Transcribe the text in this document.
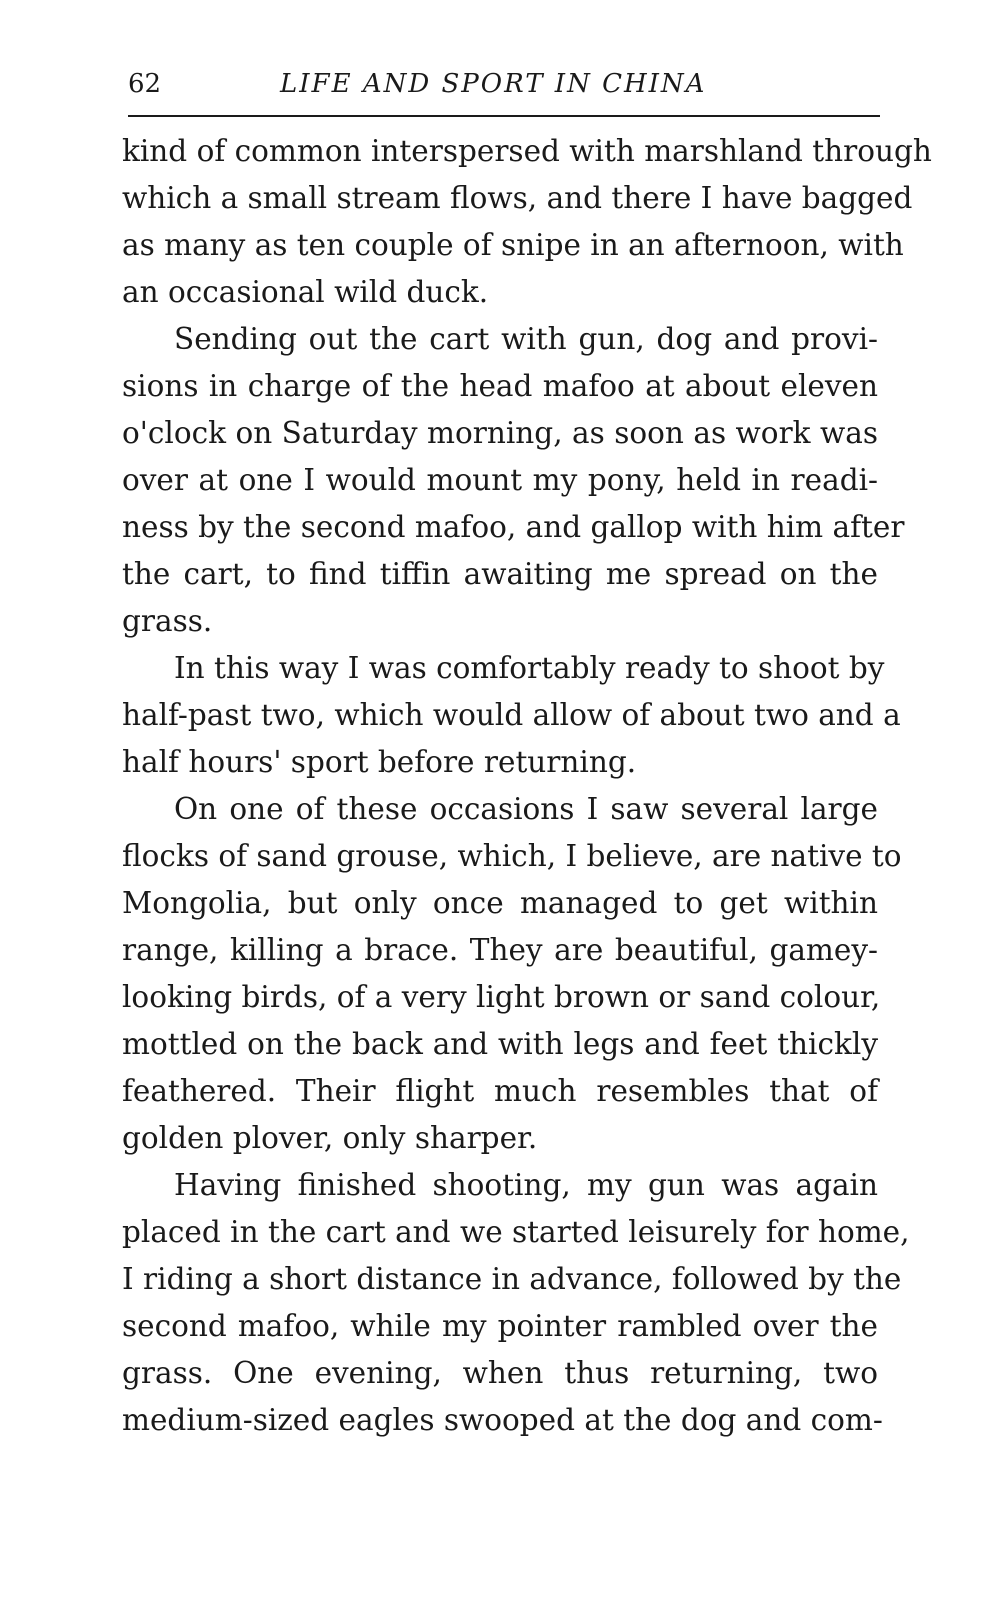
62	LIFE AND SPORT IN CHINA
kind of common interspersed with marshland through
which a small stream flows, and there I have bagged
as many as ten couple of snipe in an afternoon, with
an occasional wild duck.
Sending out the cart with gun, dog and provi-
sions in charge of the head mafoo at about eleven
o'clock on Saturday morning, as soon as work was
over at one I would mount my pony, held in readi-
ness by the second mafoo, and gallop with him after
the cart, to find tiffin awaiting me spread on the
grass.
In this way I was comfortably ready to shoot by
half-past two, which would allow of about two and a
half hours' sport before returning.
On one of these occasions I saw several large
flocks of sand grouse, which, I believe, are native to
Mongolia, but only once managed to get within
range, killing a brace. They are beautiful, gamey-
looking birds, of a very light brown or sand colour,
mottled on the back and with legs and feet thickly
feathered. Their flight much resembles that of
golden plover, only sharper.
Having finished shooting, my gun was again
placed in the cart and we started leisurely for home,
I riding a short distance in advance, followed by the
second mafoo, while my pointer rambled over the
grass. One evening, when thus returning, two
medium-sized eagles swooped at the dog and com-
